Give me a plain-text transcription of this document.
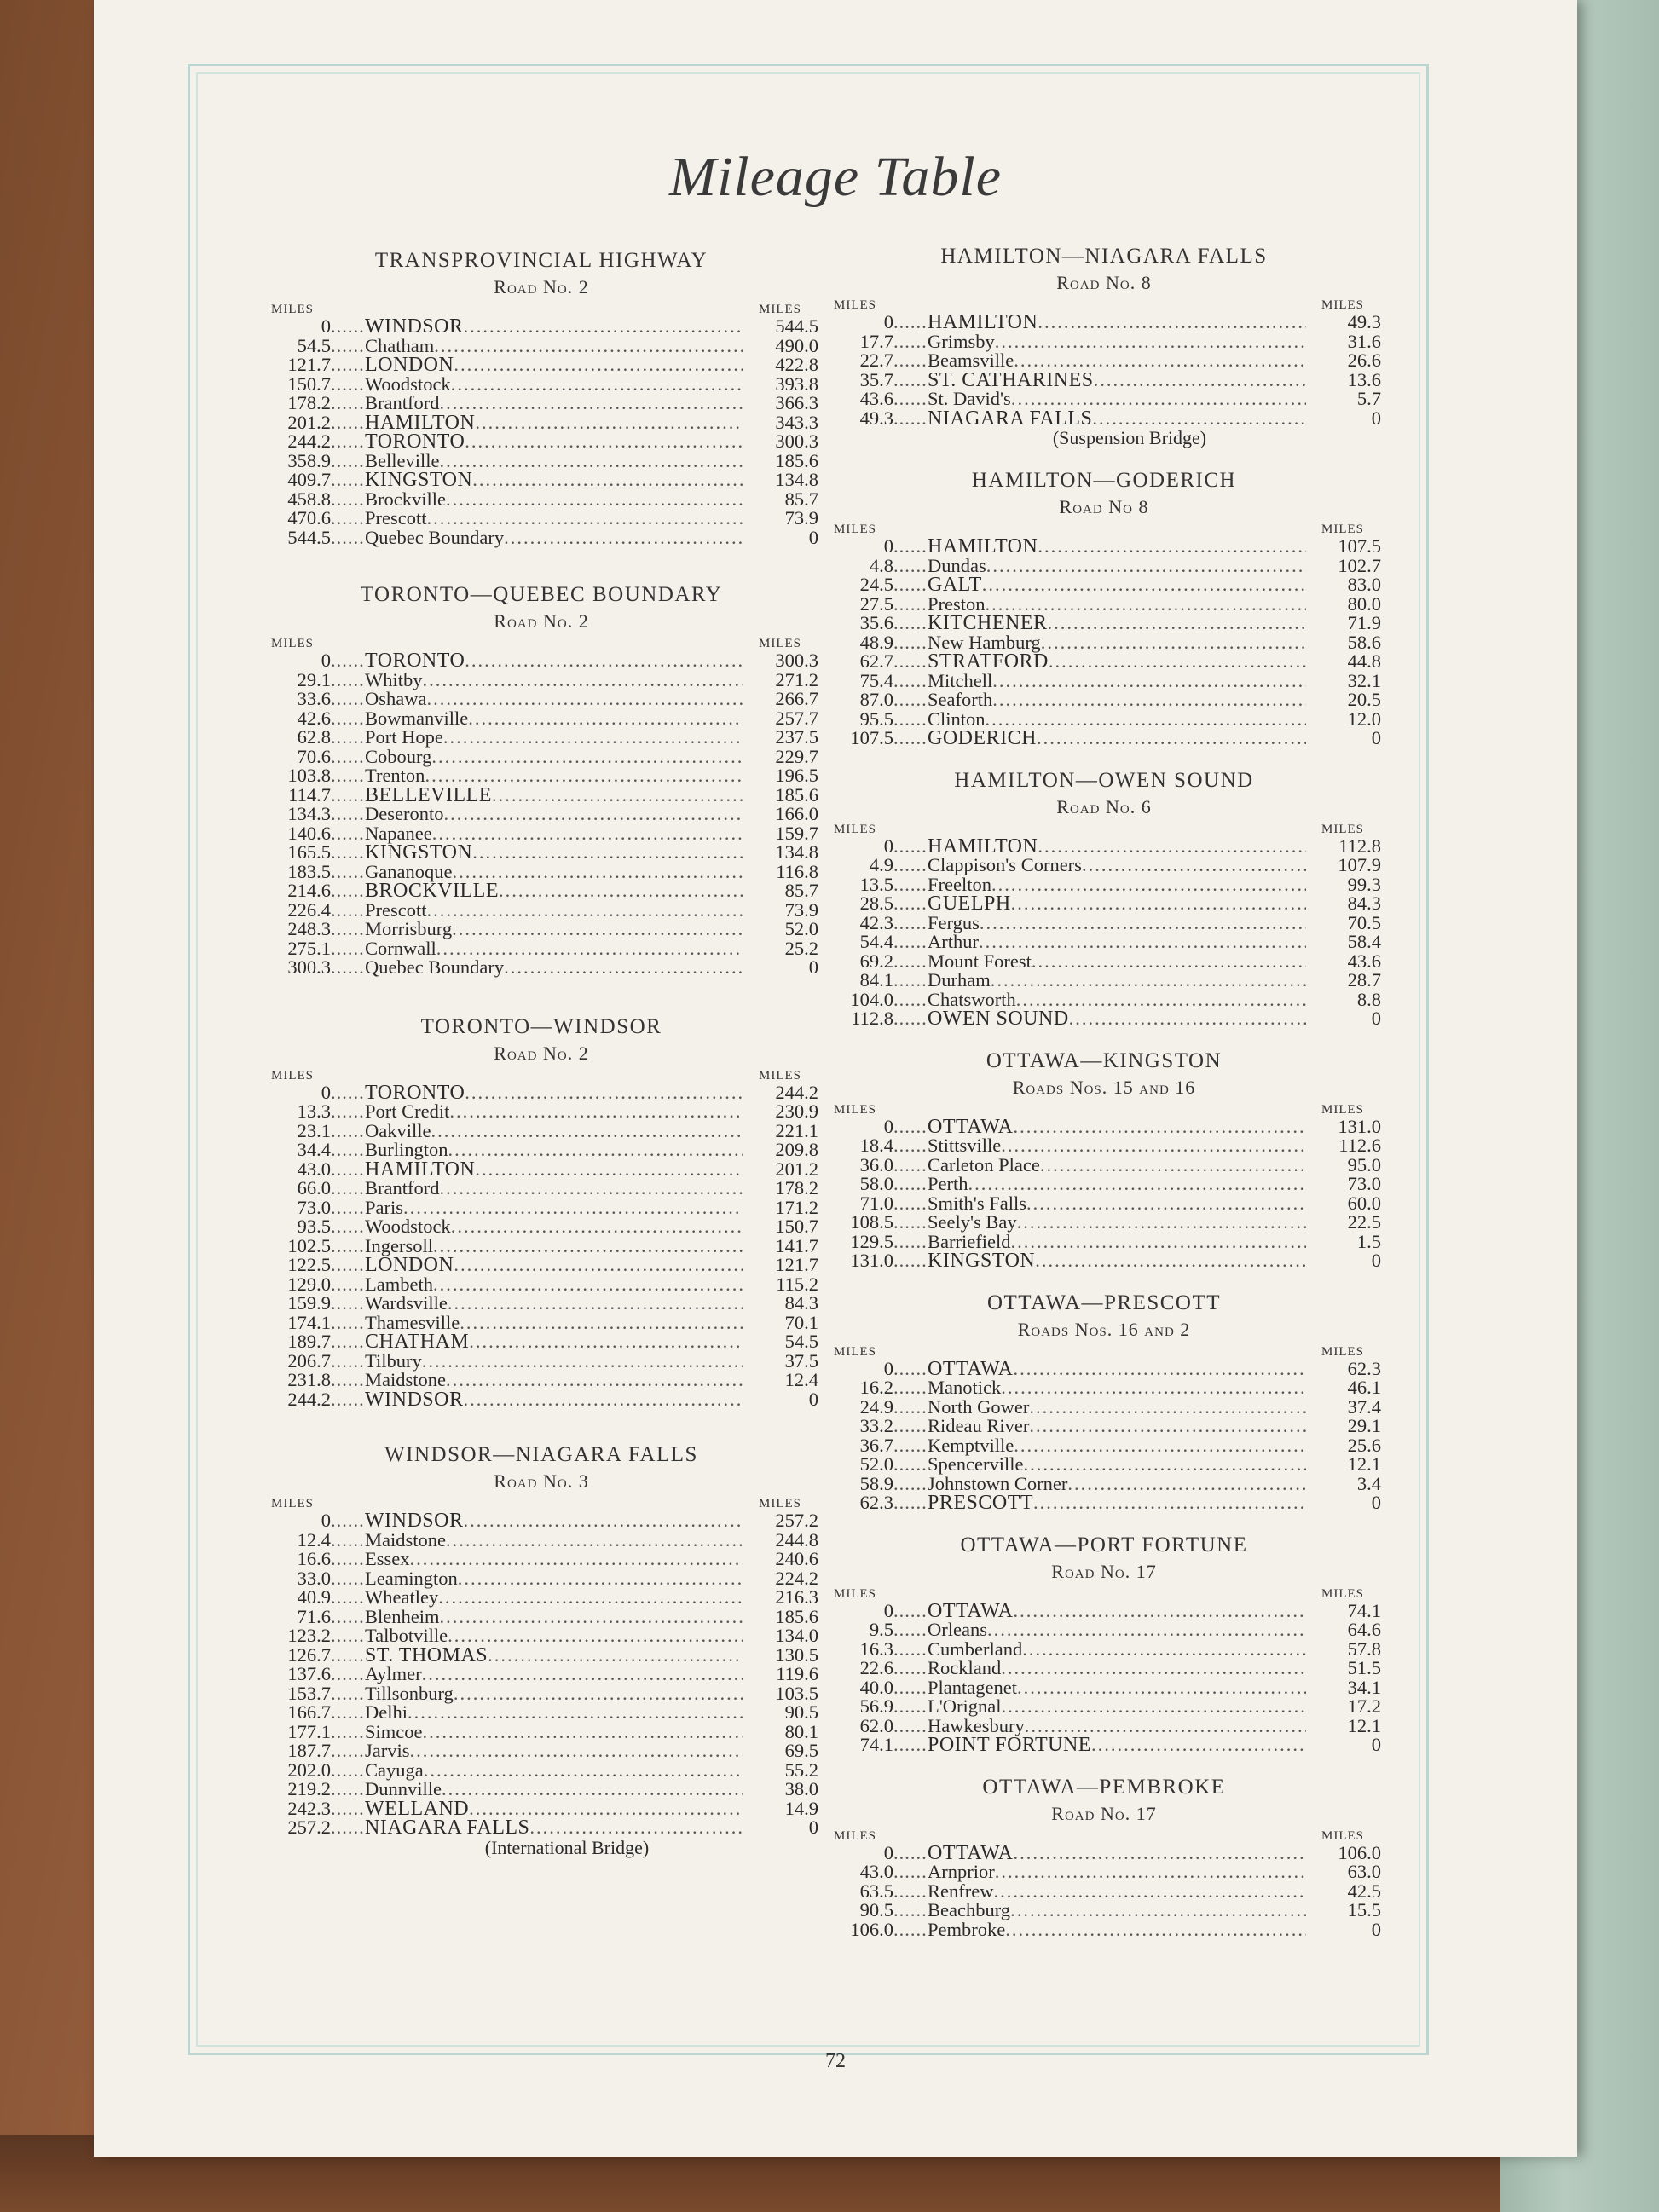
Mileage Table
TRANSPROVINCIAL HIGHWAY
Road No. 2
MILES	MILES
0 ..... WINDSOR .....	544.5
54.5 ..... Chatham .....	490.0
121.7 ..... LONDON .....	422.8
150.7 ..... Woodstock .....	393.8
178.2 ..... Brantford .....	366.3
201.2 ..... HAMILTON .....	343.3
244.2 ..... TORONTO .....	300.3
358.9 ..... Belleville .....	185.6
409.7 ..... KINGSTON .....	134.8
458.8 ..... Brockville .....	85.7
470.6 ..... Prescott .....	73.9
544.5 ..... Quebec Boundary .....	0
TORONTO—QUEBEC BOUNDARY
Road No. 2
MILES	MILES
0 ..... TORONTO .....	300.3
29.1 ..... Whitby .....	271.2
33.6 ..... Oshawa .....	266.7
42.6 ..... Bowmanville .....	257.7
62.8 ..... Port Hope .....	237.5
70.6 ..... Cobourg .....	229.7
103.8 ..... Trenton .....	196.5
114.7 ..... BELLEVILLE .....	185.6
134.3 ..... Deseronto .....	166.0
140.6 ..... Napanee .....	159.7
165.5 ..... KINGSTON .....	134.8
183.5 ..... Gananoque .....	116.8
214.6 ..... BROCKVILLE .....	85.7
226.4 ..... Prescott .....	73.9
248.3 ..... Morrisburg .....	52.0
275.1 ..... Cornwall .....	25.2
300.3 ..... Quebec Boundary .....	0
TORONTO—WINDSOR
Road No. 2
MILES	MILES
0 ..... TORONTO .....	244.2
13.3 ..... Port Credit .....	230.9
23.1 ..... Oakville .....	221.1
34.4 ..... Burlington .....	209.8
43.0 ..... HAMILTON .....	201.2
66.0 ..... Brantford .....	178.2
73.0 ..... Paris .....	171.2
93.5 ..... Woodstock .....	150.7
102.5 ..... Ingersoll .....	141.7
122.5 ..... LONDON .....	121.7
129.0 ..... Lambeth .....	115.2
159.9 ..... Wardsville .....	84.3
174.1 ..... Thamesville .....	70.1
189.7 ..... CHATHAM .....	54.5
206.7 ..... Tilbury .....	37.5
231.8 ..... Maidstone .....	12.4
244.2 ..... WINDSOR .....	0
WINDSOR—NIAGARA FALLS
Road No. 3
MILES	MILES
0 ..... WINDSOR .....	257.2
12.4 ..... Maidstone .....	244.8
16.6 ..... Essex .....	240.6
33.0 ..... Leamington .....	224.2
40.9 ..... Wheatley .....	216.3
71.6 ..... Blenheim .....	185.6
123.2 ..... Talbotville .....	134.0
126.7 ..... ST. THOMAS .....	130.5
137.6 ..... Aylmer .....	119.6
153.7 ..... Tillsonburg .....	103.5
166.7 ..... Delhi .....	90.5
177.1 ..... Simcoe .....	80.1
187.7 ..... Jarvis .....	69.5
202.0 ..... Cayuga .....	55.2
219.2 ..... Dunnville .....	38.0
242.3 ..... WELLAND .....	14.9
257.2 ..... NIAGARA FALLS .....	0
(International Bridge)
HAMILTON—NIAGARA FALLS
Road No. 8
MILES	MILES
0 ..... HAMILTON .....	49.3
17.7 ..... Grimsby .....	31.6
22.7 ..... Beamsville .....	26.6
35.7 ..... ST. CATHARINES .....	13.6
43.6 ..... St. David's .....	5.7
49.3 ..... NIAGARA FALLS .....	0
(Suspension Bridge)
HAMILTON—GODERICH
Road No 8
MILES	MILES
0 ..... HAMILTON .....	107.5
4.8 ..... Dundas .....	102.7
24.5 ..... GALT .....	83.0
27.5 ..... Preston .....	80.0
35.6 ..... KITCHENER .....	71.9
48.9 ..... New Hamburg .....	58.6
62.7 ..... STRATFORD .....	44.8
75.4 ..... Mitchell .....	32.1
87.0 ..... Seaforth .....	20.5
95.5 ..... Clinton .....	12.0
107.5 ..... GODERICH .....	0
HAMILTON—OWEN SOUND
Road No. 6
MILES	MILES
0 ..... HAMILTON .....	112.8
4.9 ..... Clappison's Corners .....	107.9
13.5 ..... Freelton .....	99.3
28.5 ..... GUELPH .....	84.3
42.3 ..... Fergus .....	70.5
54.4 ..... Arthur .....	58.4
69.2 ..... Mount Forest .....	43.6
84.1 ..... Durham .....	28.7
104.0 ..... Chatsworth .....	8.8
112.8 ..... OWEN SOUND .....	0
OTTAWA—KINGSTON
Roads Nos. 15 and 16
MILES	MILES
0 ..... OTTAWA .....	131.0
18.4 ..... Stittsville .....	112.6
36.0 ..... Carleton Place .....	95.0
58.0 ..... Perth .....	73.0
71.0 ..... Smith's Falls .....	60.0
108.5 ..... Seely's Bay .....	22.5
129.5 ..... Barriefield .....	1.5
131.0 ..... KINGSTON .....	0
OTTAWA—PRESCOTT
Roads Nos. 16 and 2
MILES	MILES
0 ..... OTTAWA .....	62.3
16.2 ..... Manotick .....	46.1
24.9 ..... North Gower .....	37.4
33.2 ..... Rideau River .....	29.1
36.7 ..... Kemptville .....	25.6
52.0 ..... Spencerville .....	12.1
58.9 ..... Johnstown Corner .....	3.4
62.3 ..... PRESCOTT .....	0
OTTAWA—PORT FORTUNE
Road No. 17
MILES	MILES
0 ..... OTTAWA .....	74.1
9.5 ..... Orleans .....	64.6
16.3 ..... Cumberland .....	57.8
22.6 ..... Rockland .....	51.5
40.0 ..... Plantagenet .....	34.1
56.9 ..... L'Orignal .....	17.2
62.0 ..... Hawkesbury .....	12.1
74.1 ..... POINT FORTUNE .....	0
OTTAWA—PEMBROKE
Road No. 17
MILES	MILES
0 ..... OTTAWA .....	106.0
43.0 ..... Arnprior .....	63.0
63.5 ..... Renfrew .....	42.5
90.5 ..... Beachburg .....	15.5
106.0 ..... Pembroke .....	0
72
